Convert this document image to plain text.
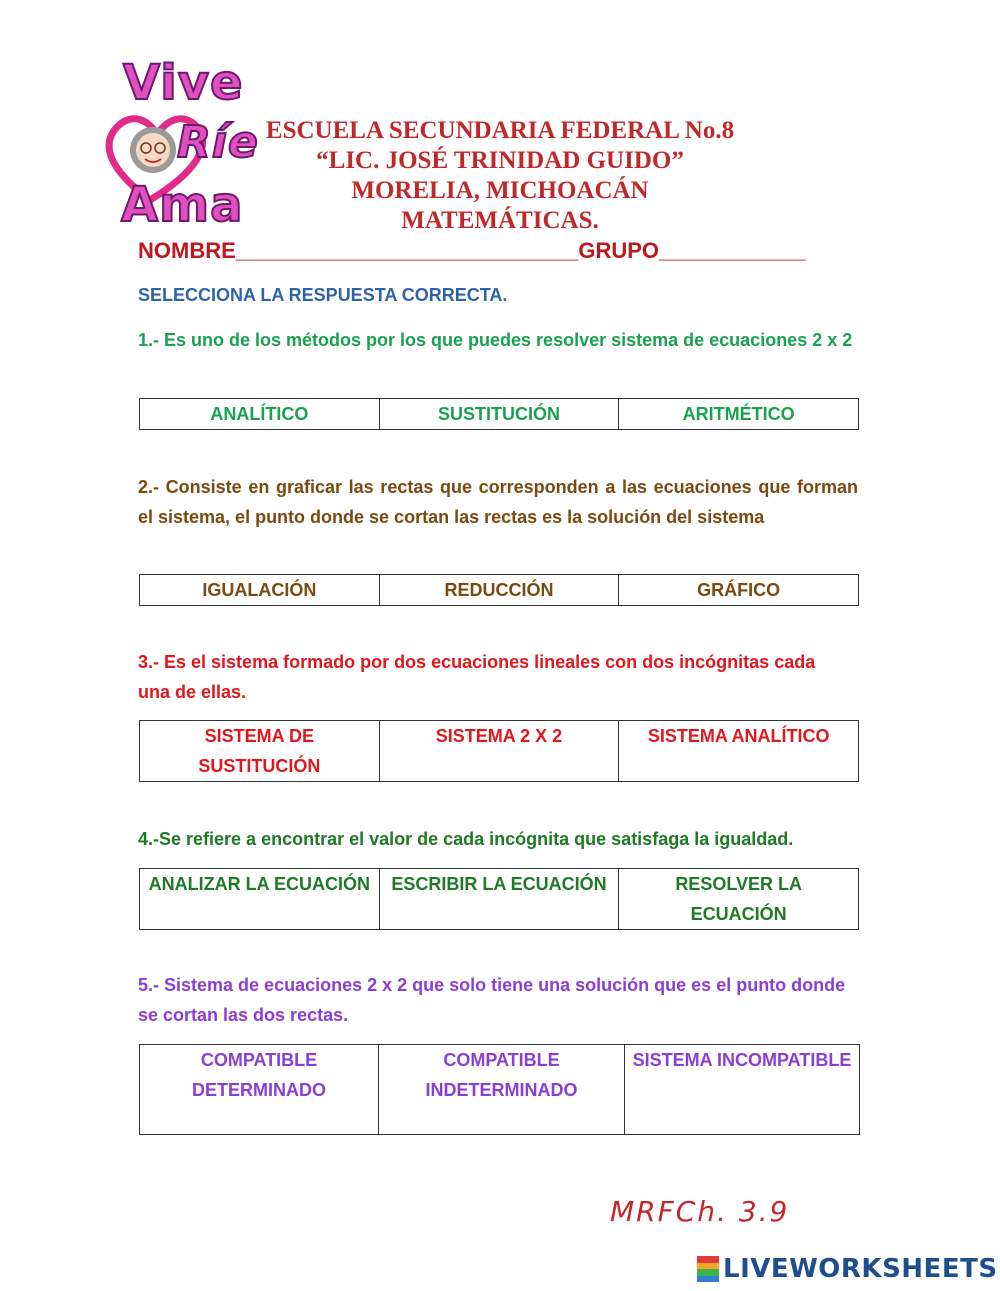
Vive
Ríe
Ama
ESCUELA SECUNDARIA FEDERAL No.8
“LIC. JOSÉ TRINIDAD GUIDO”
MORELIA, MICHOACÁN
MATEMÁTICAS.
NOMBRE____________________________GRUPO____________
SELECCIONA LA RESPUESTA CORRECTA.
1.- Es uno de los métodos por los que puedes resolver sistema de ecuaciones 2 x 2
ANALÍTICO	SUSTITUCIÓN	ARITMÉTICO
2.- Consiste en graficar las rectas que corresponden a las ecuaciones que forman el sistema, el punto donde se cortan las rectas es la solución del sistema
IGUALACIÓN	REDUCCIÓN	GRÁFICO
3.- Es el sistema formado por dos ecuaciones lineales con dos incógnitas cada una de ellas.
SISTEMA DE SUSTITUCIÓN	SISTEMA 2 X 2	SISTEMA ANALÍTICO
4.-Se refiere a encontrar el valor de cada incógnita que satisfaga la igualdad.
ANALIZAR LA ECUACIÓN	ESCRIBIR LA ECUACIÓN	RESOLVER LA ECUACIÓN
5.- Sistema de ecuaciones 2 x 2 que solo tiene una solución que es el punto donde se cortan las dos rectas.
COMPATIBLE DETERMINADO	COMPATIBLE INDETERMINADO	SISTEMA INCOMPATIBLE
MRFCh. 3.9
LIVEWORKSHEETS
